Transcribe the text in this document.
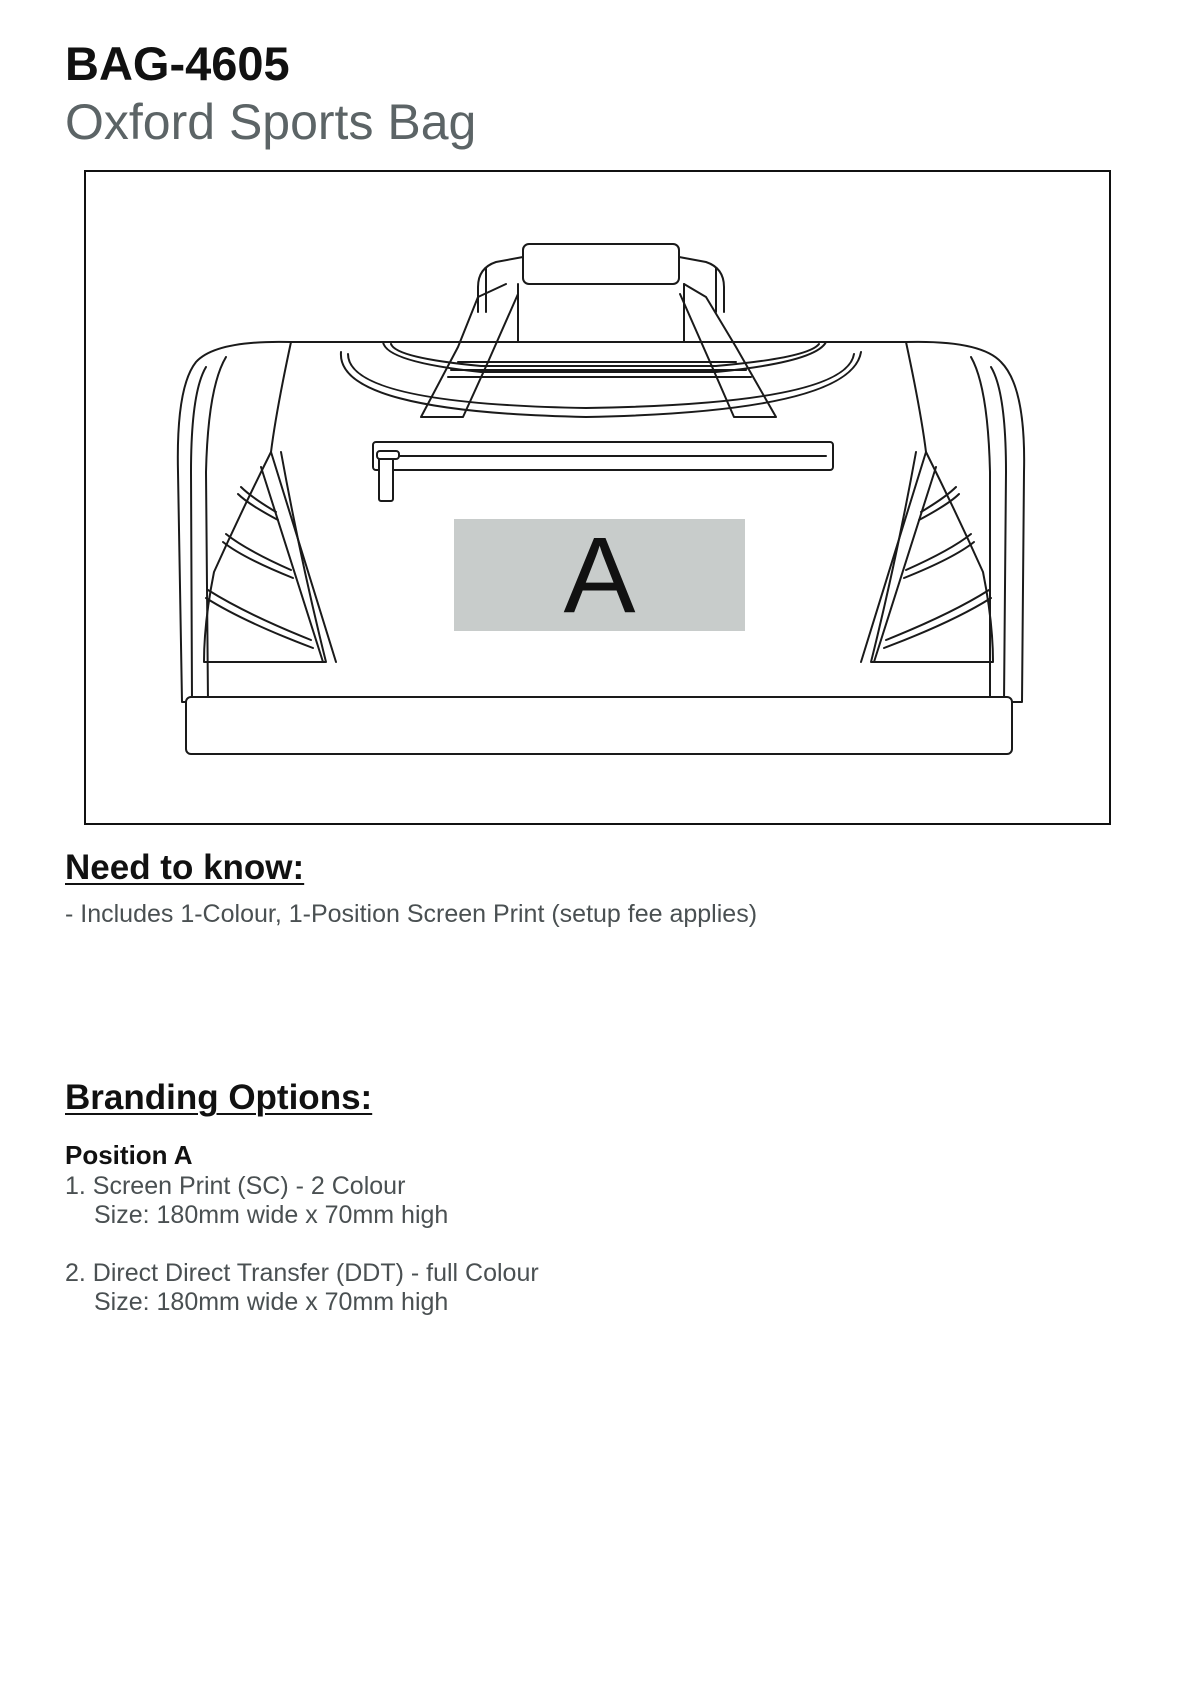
BAG-4605
Oxford Sports Bag
A
Need to know:
- Includes 1-Colour, 1-Position Screen Print (setup fee applies)
Branding Options:
Position A
1. Screen Print (SC) - 2 Colour
Size: 180mm wide x 70mm high
2. Direct Direct Transfer (DDT) - full Colour
Size: 180mm wide x 70mm high
